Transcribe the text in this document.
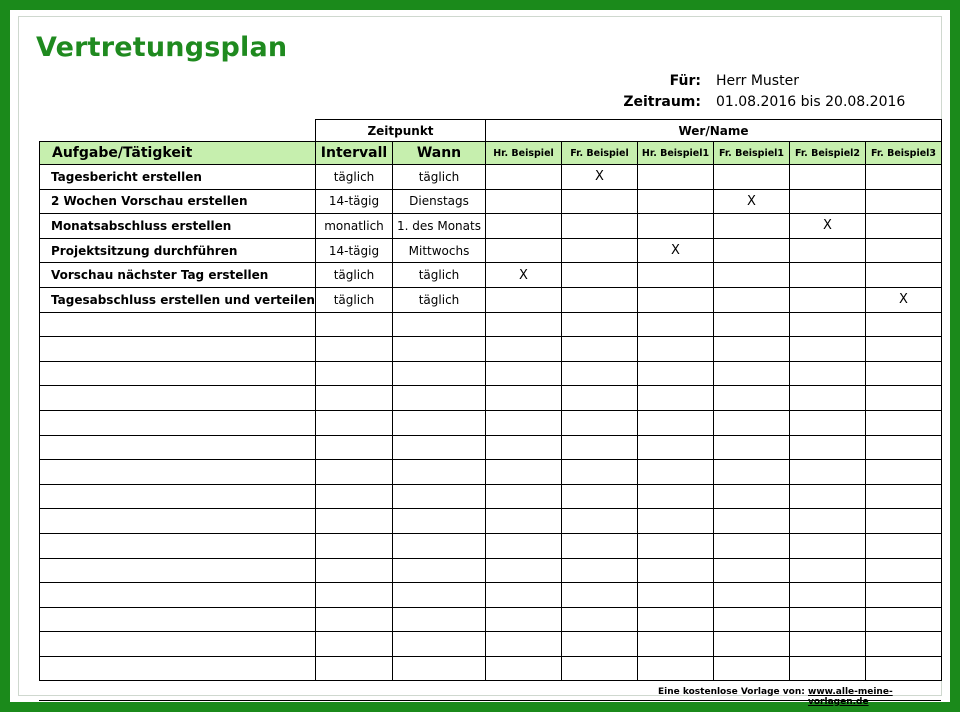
Vertretungsplan
Für: Herr Muster
Zeitraum: 01.08.2016 bis 20.08.2016
	Zeitpunkt		Wer/Name					
Aufgabe/Tätigkeit	Intervall	Wann	Hr. Beispiel	Fr. Beispiel	Hr. Beispiel1	Fr. Beispiel1	Fr. Beispiel2	Fr. Beispiel3
Tagesbericht erstellen	täglich	täglich		X				
2 Wochen Vorschau erstellen	14-tägig	Dienstags				X		
Monatsabschluss erstellen	monatlich	1. des Monats					X	
Projektsitzung durchführen	14-tägig	Mittwochs			X			
Vorschau nächster Tag erstellen	täglich	täglich	X					
Tagesabschluss erstellen und verteilen	täglich	täglich						X

Eine kostenlose Vorlage von: www.alle-meine-vorlagen.de
